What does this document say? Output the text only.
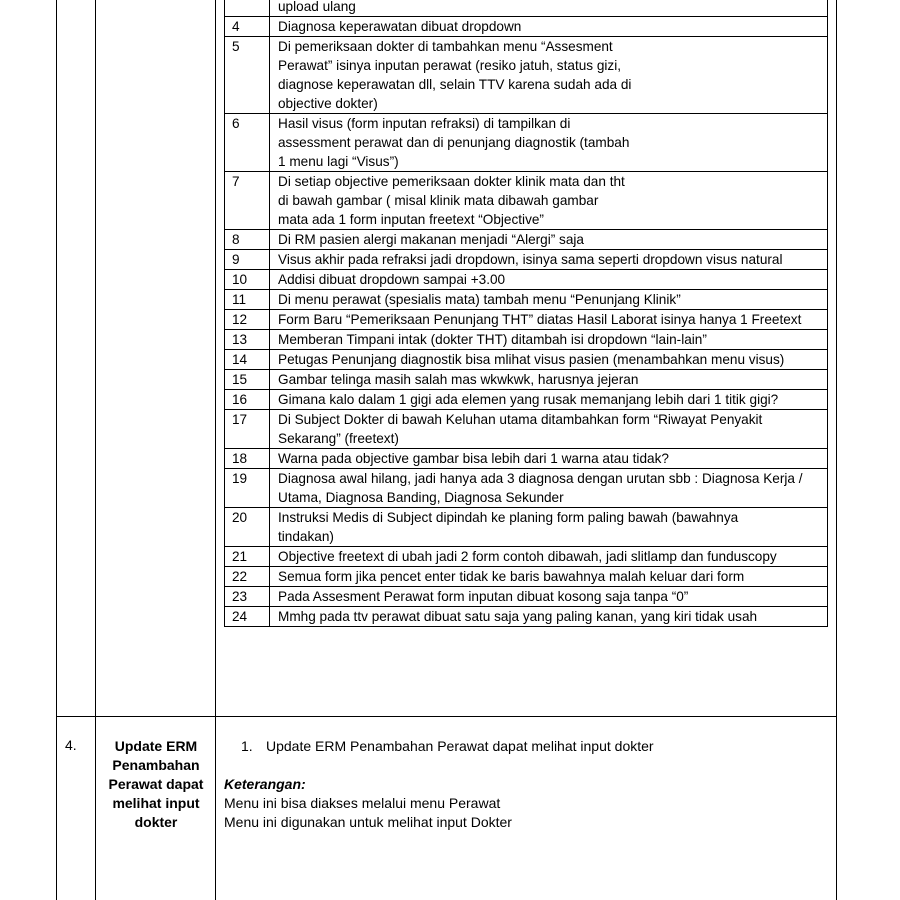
	upload ulang
4	Diagnosa keperawatan dibuat dropdown
5	Di pemeriksaan dokter di tambahkan menu “Assesment
Perawat” isinya inputan perawat (resiko jatuh, status gizi,
diagnose keperawatan dll, selain TTV karena sudah ada di
objective dokter)
6	Hasil visus (form inputan refraksi) di tampilkan di
assessment perawat dan di penunjang diagnostik (tambah
1 menu lagi “Visus”)
7	Di setiap objective pemeriksaan dokter klinik mata dan tht
di bawah gambar ( misal klinik mata dibawah gambar
mata ada 1 form inputan freetext “Objective”
8	Di RM pasien alergi makanan menjadi “Alergi” saja
9	Visus akhir pada refraksi jadi dropdown, isinya sama seperti dropdown visus natural
10	Addisi dibuat dropdown sampai +3.00
11	Di menu perawat (spesialis mata) tambah menu “Penunjang Klinik”

12	Form Baru “Pemeriksaan Penunjang THT” diatas Hasil Laborat isinya hanya 1 Freetext
13	Memberan Timpani intak (dokter THT) ditambah isi dropdown “lain-lain”

14	Petugas Penunjang diagnostik bisa mlihat visus pasien (menambahkan menu visus)
15	Gambar telinga masih salah mas wkwkwk, harusnya jejeran
16	Gimana kalo dalam 1 gigi ada elemen yang rusak memanjang lebih dari 1 titik gigi?
17	Di Subject Dokter di bawah Keluhan utama ditambahkan form “Riwayat Penyakit
Sekarang” (freetext)
18	Warna pada objective gambar bisa lebih dari 1 warna atau tidak?
19	Diagnosa awal hilang, jadi hanya ada 3 diagnosa dengan urutan sbb : Diagnosa Kerja /
Utama, Diagnosa Banding, Diagnosa Sekunder
20	Instruksi Medis di Subject dipindah ke planing form paling bawah (bawahnya
tindakan)
21	Objective freetext di ubah jadi 2 form contoh dibawah, jadi slitlamp dan funduscopy
22	Semua form jika pencet enter tidak ke baris bawahnya malah keluar dari form
23	Pada Assesment Perawat form inputan dibuat kosong saja tanpa “0”
24	Mmhg pada ttv perawat dibuat satu saja yang paling kanan, yang kiri tidak usah
4.	Update ERM
Penambahan
Perawat dapat
melihat input
dokter
1. Update ERM Penambahan Perawat dapat melihat input dokter
Keterangan:
Menu ini bisa diakses melalui menu Perawat
Menu ini digunakan untuk melihat input Dokter
